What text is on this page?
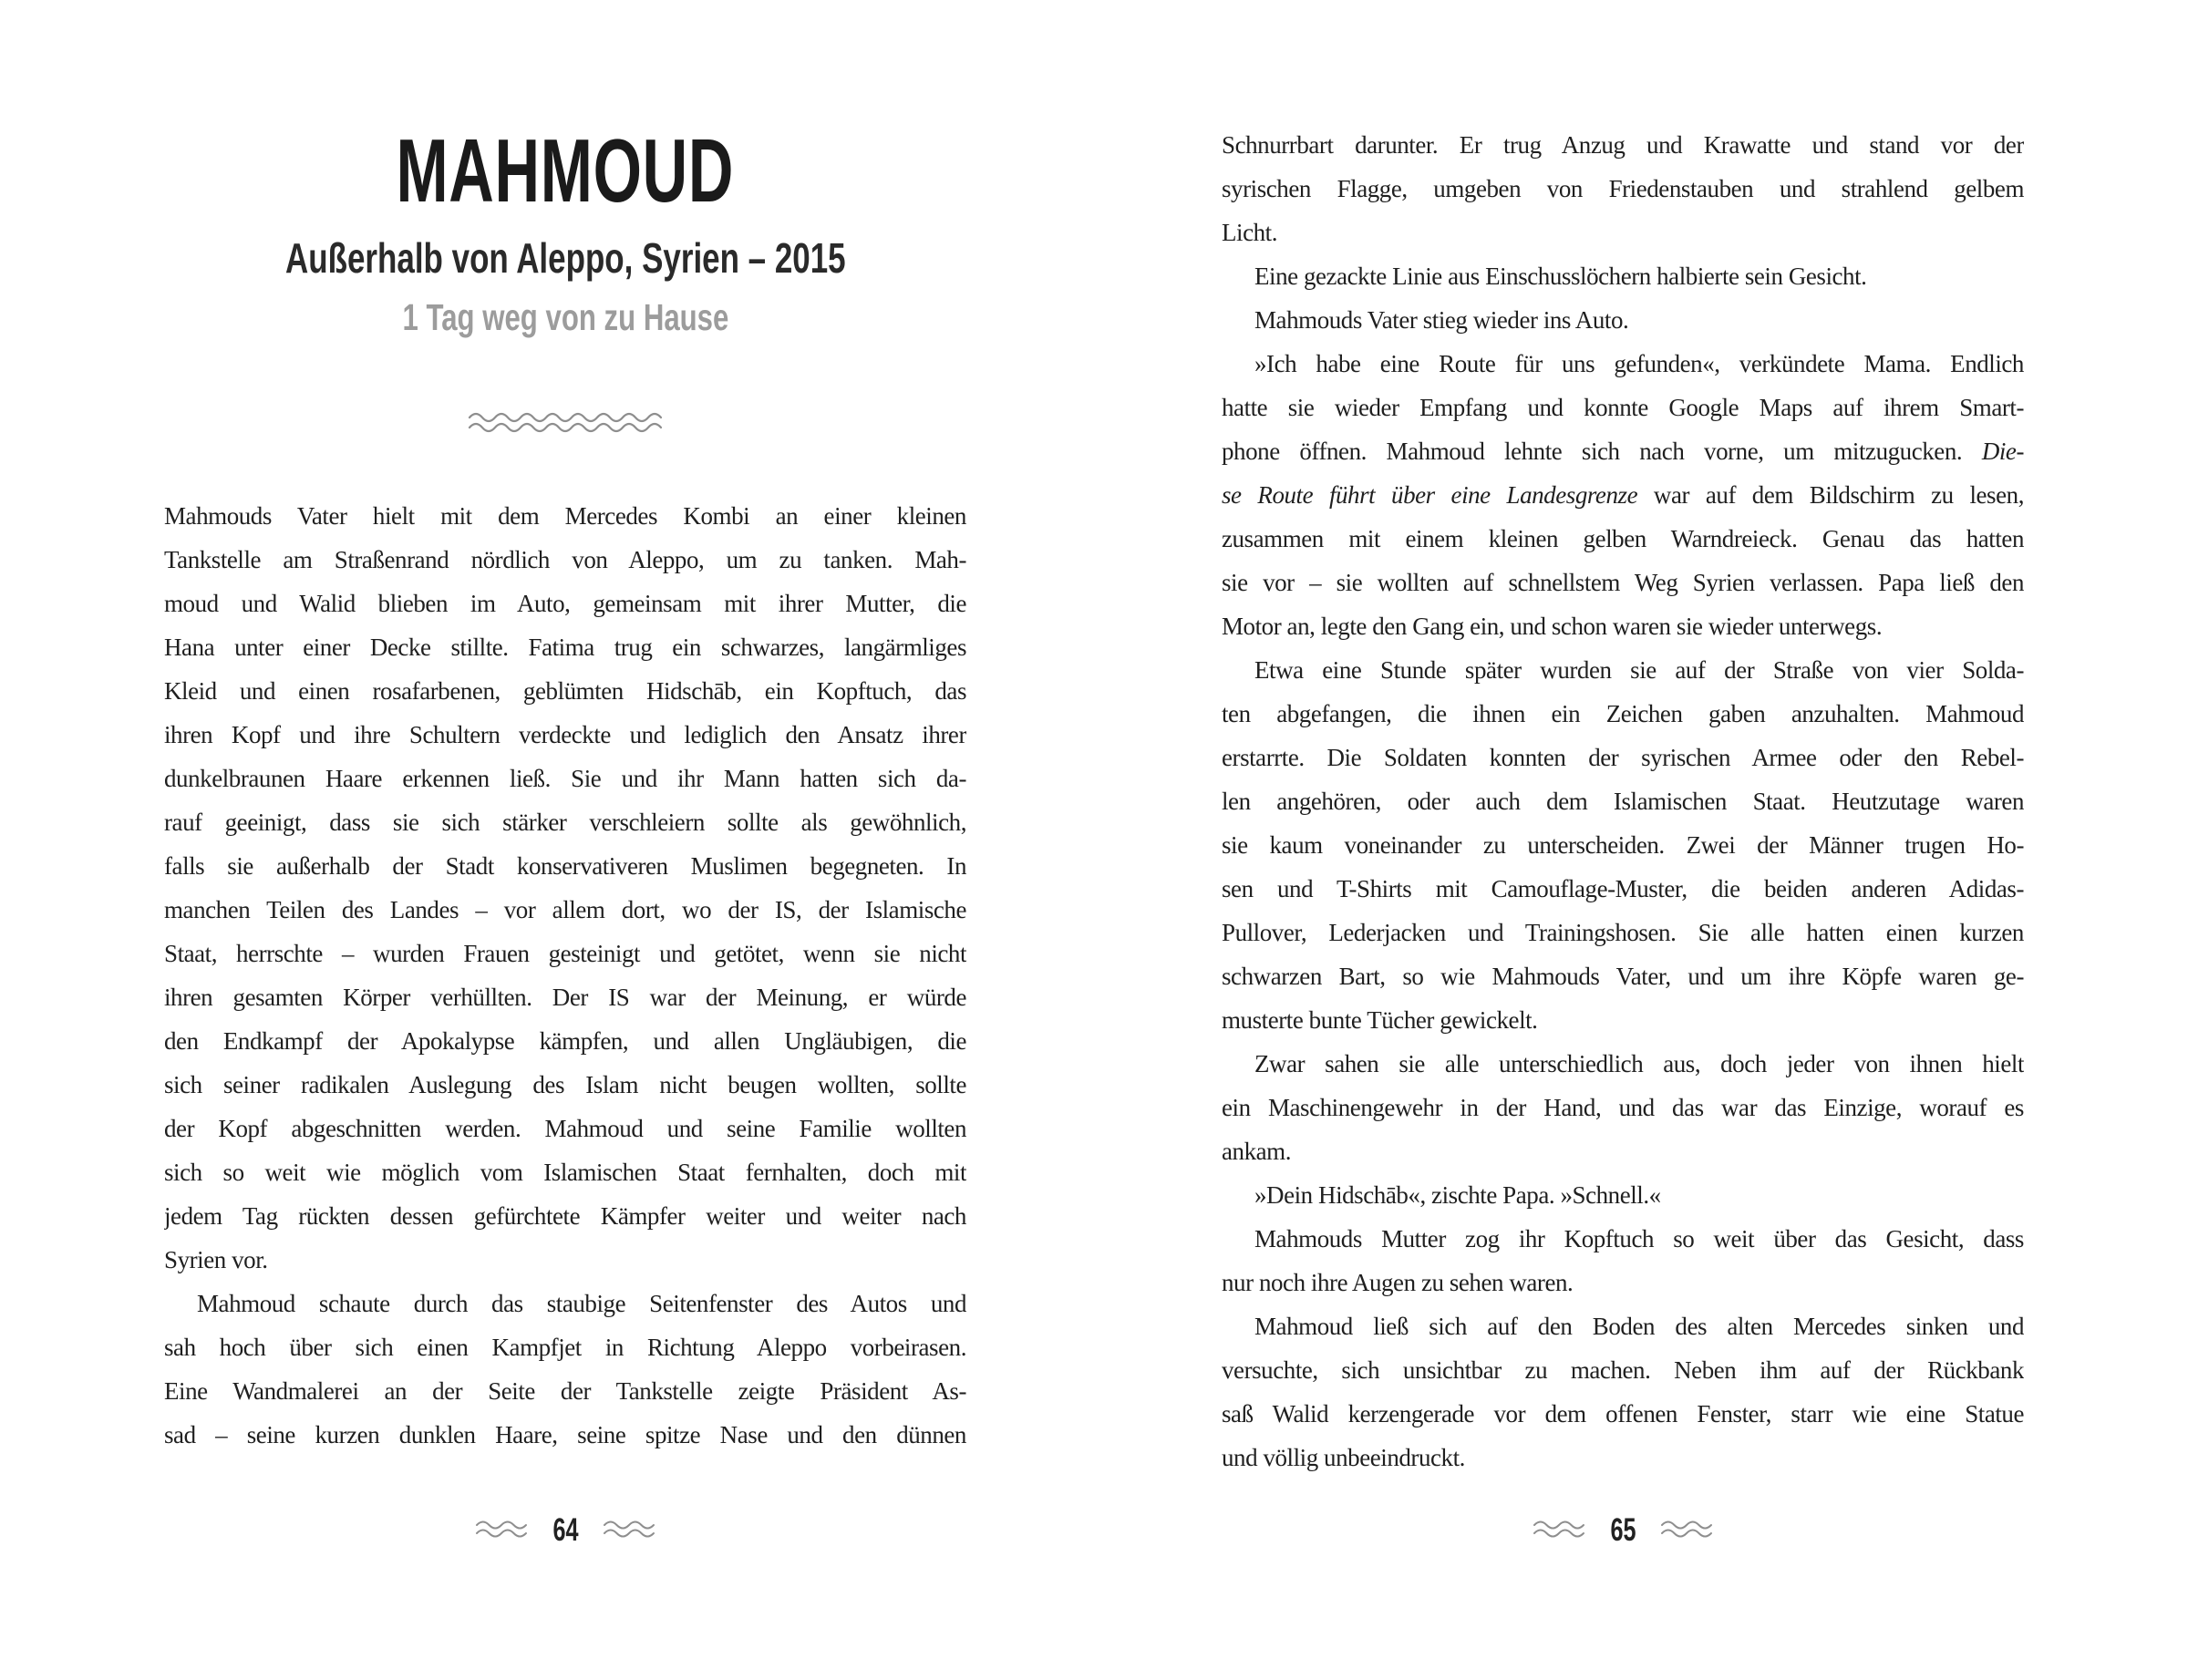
MAHMOUD
Außerhalb von Aleppo, Syrien – 2015
1 Tag weg von zu Hause
Mahmouds Vater hielt mit dem Mercedes Kombi an einer kleinen
Tankstelle am Straßenrand nördlich von Aleppo, um zu tanken. Mah-
moud und Walid blieben im Auto, gemeinsam mit ihrer Mutter, die
Hana unter einer Decke stillte. Fatima trug ein schwarzes, langärmliges
Kleid und einen rosafarbenen, geblümten Hidschāb, ein Kopftuch, das
ihren Kopf und ihre Schultern verdeckte und lediglich den Ansatz ihrer
dunkelbraunen Haare erkennen ließ. Sie und ihr Mann hatten sich da-
rauf geeinigt, dass sie sich stärker verschleiern sollte als gewöhnlich,
falls sie außerhalb der Stadt konservativeren Muslimen begegneten. In
manchen Teilen des Landes – vor allem dort, wo der IS, der Islamische
Staat, herrschte – wurden Frauen gesteinigt und getötet, wenn sie nicht
ihren gesamten Körper verhüllten. Der IS war der Meinung, er würde
den Endkampf der Apokalypse kämpfen, und allen Ungläubigen, die
sich seiner radikalen Auslegung des Islam nicht beugen wollten, sollte
der Kopf abgeschnitten werden. Mahmoud und seine Familie wollten
sich so weit wie möglich vom Islamischen Staat fernhalten, doch mit
jedem Tag rückten dessen gefürchtete Kämpfer weiter und weiter nach
Syrien vor.
Mahmoud schaute durch das staubige Seitenfenster des Autos und
sah hoch über sich einen Kampfjet in Richtung Aleppo vorbeirasen.
Eine Wandmalerei an der Seite der Tankstelle zeigte Präsident As-
sad – seine kurzen dunklen Haare, seine spitze Nase und den dünnen
64
Schnurrbart darunter. Er trug Anzug und Krawatte und stand vor der
syrischen Flagge, umgeben von Friedenstauben und strahlend gelbem
Licht.
Eine gezackte Linie aus Einschusslöchern halbierte sein Gesicht.
Mahmouds Vater stieg wieder ins Auto.
»Ich habe eine Route für uns gefunden«, verkündete Mama. Endlich
hatte sie wieder Empfang und konnte Google Maps auf ihrem Smart-
phone öffnen. Mahmoud lehnte sich nach vorne, um mitzugucken. Die-
se Route führt über eine Landesgrenze war auf dem Bildschirm zu lesen,
zusammen mit einem kleinen gelben Warndreieck. Genau das hatten
sie vor – sie wollten auf schnellstem Weg Syrien verlassen. Papa ließ den
Motor an, legte den Gang ein, und schon waren sie wieder unterwegs.
Etwa eine Stunde später wurden sie auf der Straße von vier Solda-
ten abgefangen, die ihnen ein Zeichen gaben anzuhalten. Mahmoud
erstarrte. Die Soldaten konnten der syrischen Armee oder den Rebel-
len angehören, oder auch dem Islamischen Staat. Heutzutage waren
sie kaum voneinander zu unterscheiden. Zwei der Männer trugen Ho-
sen und T-Shirts mit Camouflage-Muster, die beiden anderen Adidas-
Pullover, Lederjacken und Trainingshosen. Sie alle hatten einen kurzen
schwarzen Bart, so wie Mahmouds Vater, und um ihre Köpfe waren ge-
musterte bunte Tücher gewickelt.
Zwar sahen sie alle unterschiedlich aus, doch jeder von ihnen hielt
ein Maschinengewehr in der Hand, und das war das Einzige, worauf es
ankam.
»Dein Hidschāb«, zischte Papa. »Schnell.«
Mahmouds Mutter zog ihr Kopftuch so weit über das Gesicht, dass
nur noch ihre Augen zu sehen waren.
Mahmoud ließ sich auf den Boden des alten Mercedes sinken und
versuchte, sich unsichtbar zu machen. Neben ihm auf der Rückbank
saß Walid kerzengerade vor dem offenen Fenster, starr wie eine Statue
und völlig unbeeindruckt.
65
